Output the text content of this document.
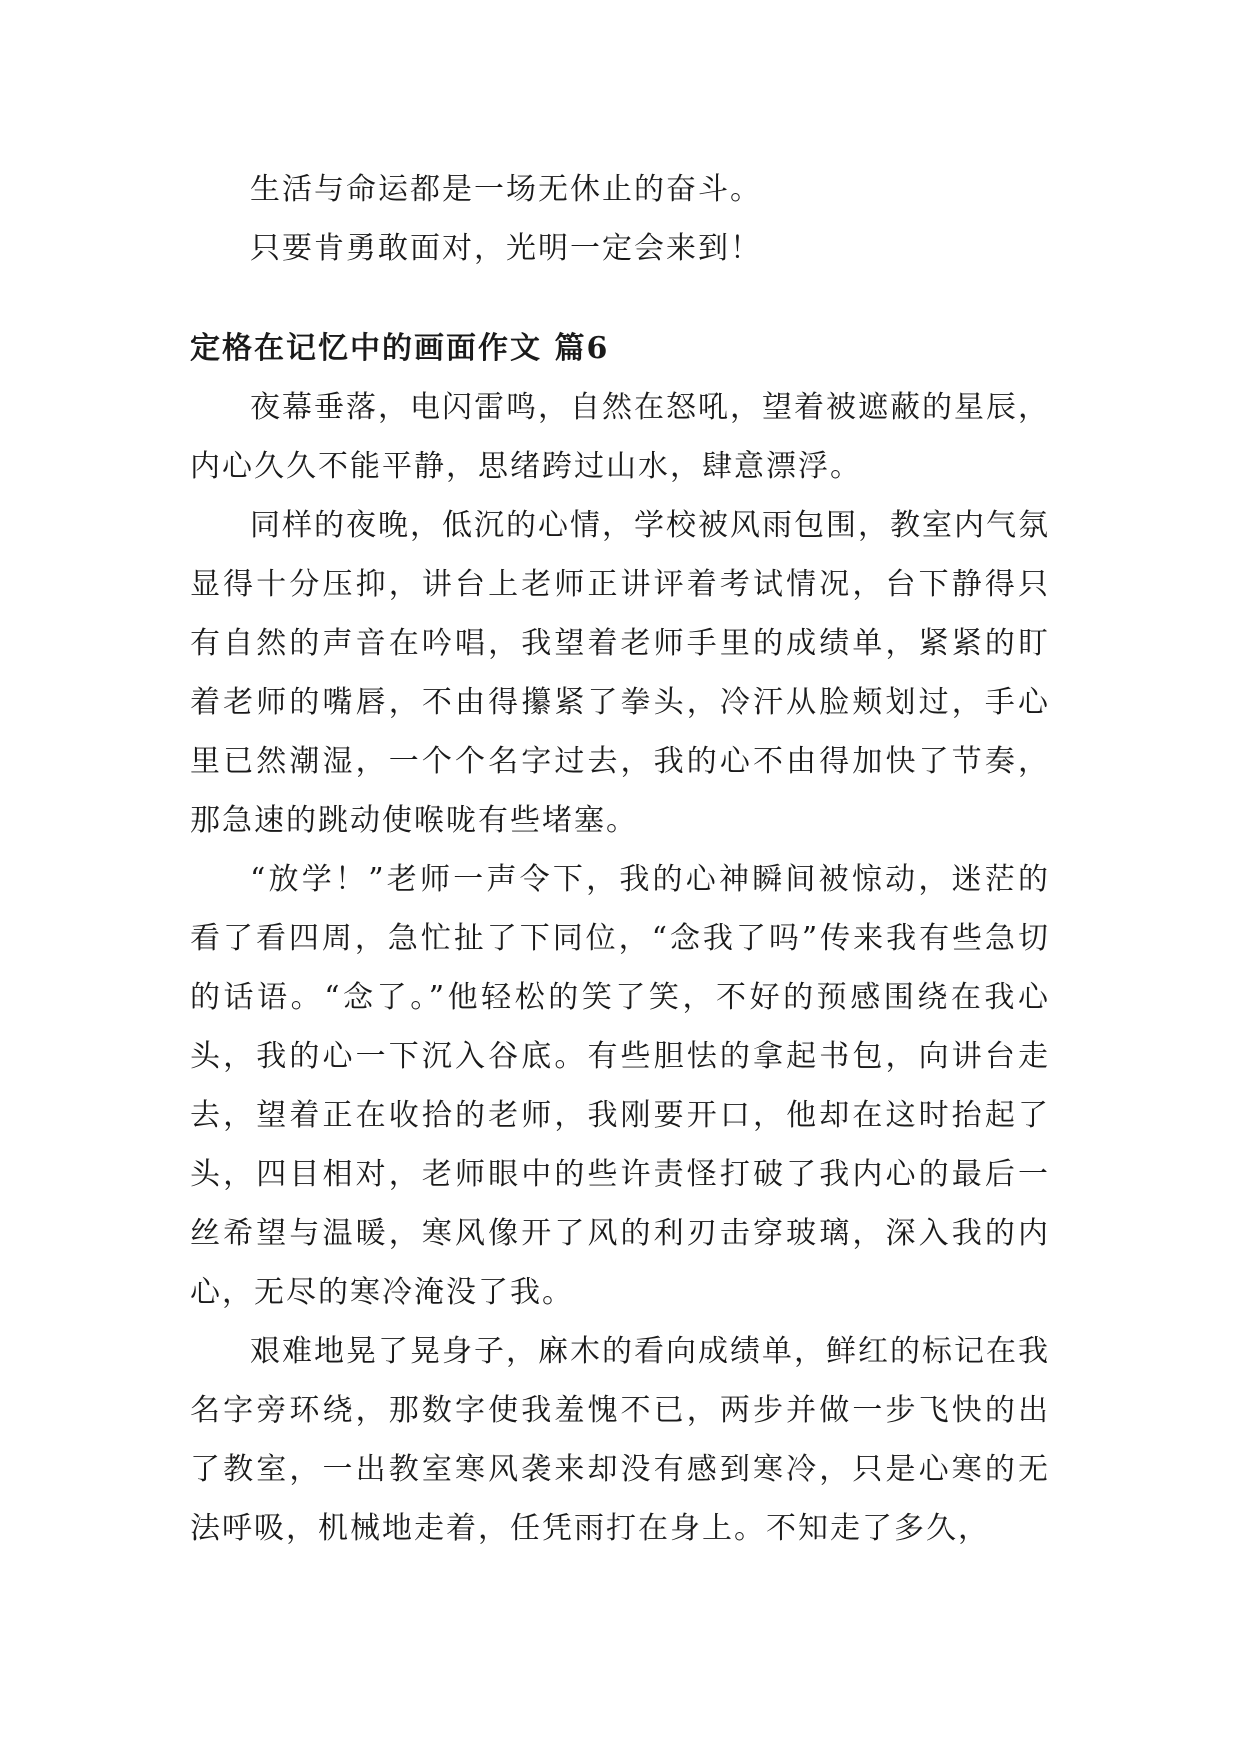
生活与命运都是一场无休止的奋斗。

只要肯勇敢面对，光明一定会来到！

定格在记忆中的画面作文 篇6

夜幕垂落，电闪雷鸣，自然在怒吼，望着被遮蔽的星辰，内心久久不能平静，思绪跨过山水，肆意漂浮。

同样的夜晚，低沉的心情，学校被风雨包围，教室内气氛显得十分压抑，讲台上老师正讲评着考试情况，台下静得只有自然的声音在吟唱，我望着老师手里的成绩单，紧紧的盯着老师的嘴唇，不由得攥紧了拳头，冷汗从脸颊划过，手心里已然潮湿，一个个名字过去，我的心不由得加快了节奏，那急速的跳动使喉咙有些堵塞。

“放学！”老师一声令下，我的心神瞬间被惊动，迷茫的看了看四周，急忙扯了下同位，“念我了吗”传来我有些急切的话语。“念了。”他轻松的笑了笑，不好的预感围绕在我心头，我的心一下沉入谷底。有些胆怯的拿起书包，向讲台走去，望着正在收拾的老师，我刚要开口，他却在这时抬起了头，四目相对，老师眼中的些许责怪打破了我内心的最后一丝希望与温暖，寒风像开了风的利刃击穿玻璃，深入我的内心，无尽的寒冷淹没了我。

艰难地晃了晃身子，麻木的看向成绩单，鲜红的标记在我名字旁环绕，那数字使我羞愧不已，两步并做一步飞快的出了教室，一出教室寒风袭来却没有感到寒冷，只是心寒的无法呼吸，机械地走着，任凭雨打在身上。不知走了多久，
